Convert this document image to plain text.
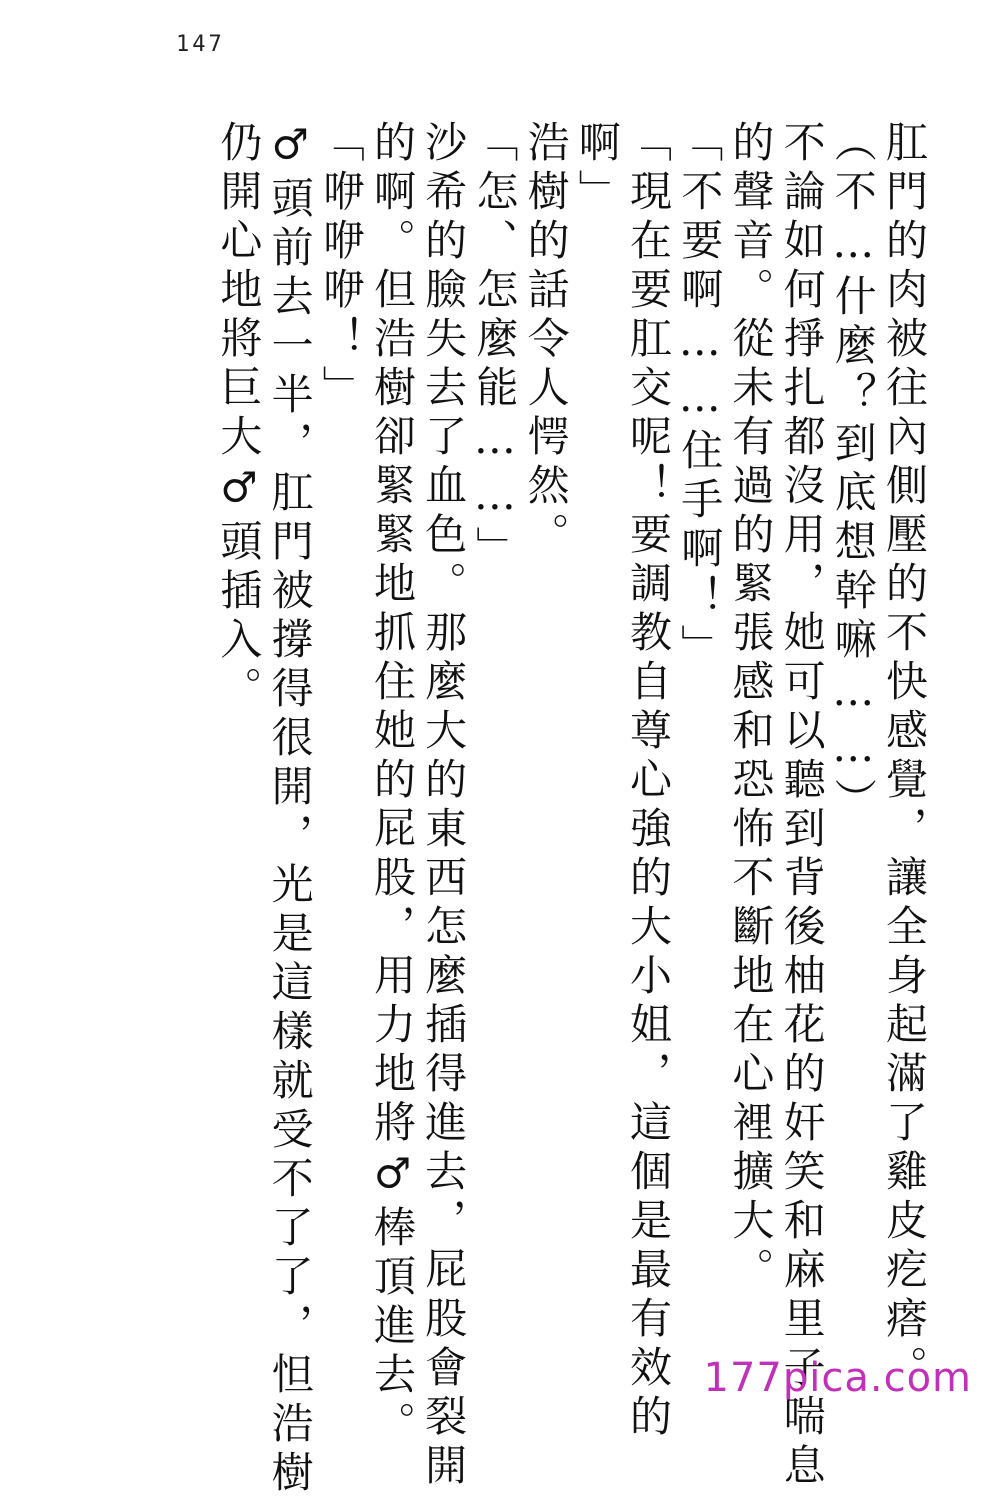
147

肛門的肉被往內側壓的不快感覺，讓全身起滿了雞皮疙瘩。

（不…什麼？到底想幹嘛……）

不論如何掙扎都沒用，她可以聽到背後柚花的奸笑和麻里子喘息

的聲音。從未有過的緊張感和恐怖不斷地在心裡擴大。

「不要啊……住手啊！」

「現在要肛交呢！要調教自尊心強的大小姐，這個是最有效的

啊」

浩樹的話令人愕然。

「怎、怎麼能……」

沙希的臉失去了血色。那麼大的東西怎麼插得進去，屁股會裂開

的啊。但浩樹卻緊緊地抓住她的屁股，用力地將♂棒頂進去。

「咿咿咿！」

♂頭前去一半，肛門被撐得很開，光是這樣就受不了了，怛浩樹

仍開心地將巨大♂頭插入。

177pica.com
